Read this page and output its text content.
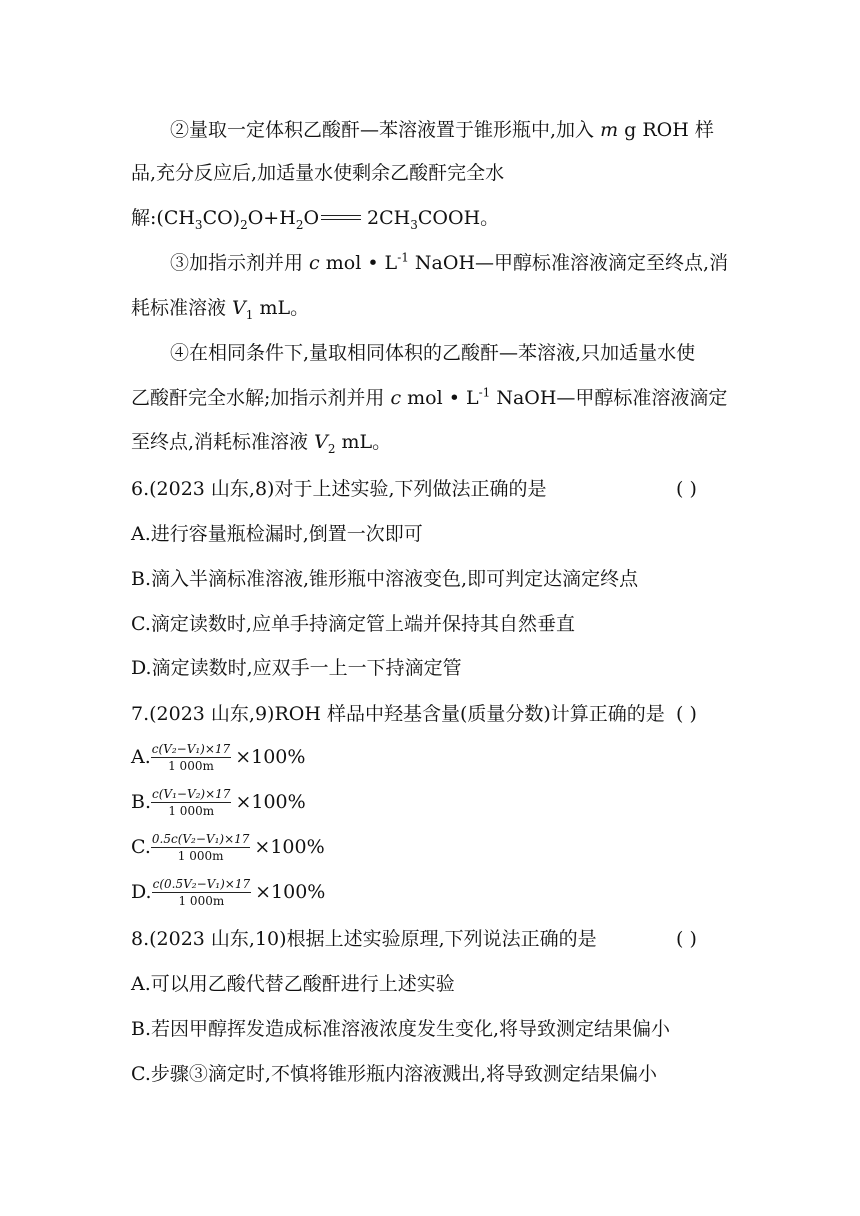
②量取一定体积乙酸酐—苯溶液置于锥形瓶中,加入 m g ROH 样
品,充分反应后,加适量水使剩余乙酸酐完全水
解$:(CH_3CO)_2O+H_2O$	$2CH_3COOH$。
③加指示剂并用 c mol • $L^{-1}$ NaOH—甲醇标准溶液滴定至终点,消
耗标准溶液 $V_1$ mL。
④在相同条件下,量取相同体积的乙酸酐—苯溶液,只加适量水使
乙酸酐完全水解;加指示剂并用 c mol • $L^{-1}$ NaOH—甲醇标准溶液滴定
至终点,消耗标准溶液 $V_2$ mL。
6.(2023 山东,8)对于上述实验,下列做法正确的是	( )
A.进行容量瓶检漏时,倒置一次即可
B.滴入半滴标准溶液,锥形瓶中溶液变色,即可判定达滴定终点
C.滴定读数时,应单手持滴定管上端并保持其自然垂直
D.滴定读数时,应双手一上一下持滴定管
7.(2023 山东,9)ROH 样品中羟基含量(质量分数)计算正确的是 ( )
A. $\frac{\text{c(V₂−V₁)×17}}{1 000m} \times 100\%$
B. $\frac{\text{c(V₁−V₂)×17}}{1 000m} \times 100\%$
C. $\frac{\text{0.5c(V₂−V₁)×17}}{1 000m} \times 100\%$
D. $\frac{\text{c(0.5V₂−V₁)×17}}{1 000m} \times 100\%$
8.(2023 山东,10)根据上述实验原理,下列说法正确的是	( )
A.可以用乙酸代替乙酸酐进行上述实验
B.若因甲醇挥发造成标准溶液浓度发生变化,将导致测定结果偏小
C.步骤③滴定时,不慎将锥形瓶内溶液溅出,将导致测定结果偏小
